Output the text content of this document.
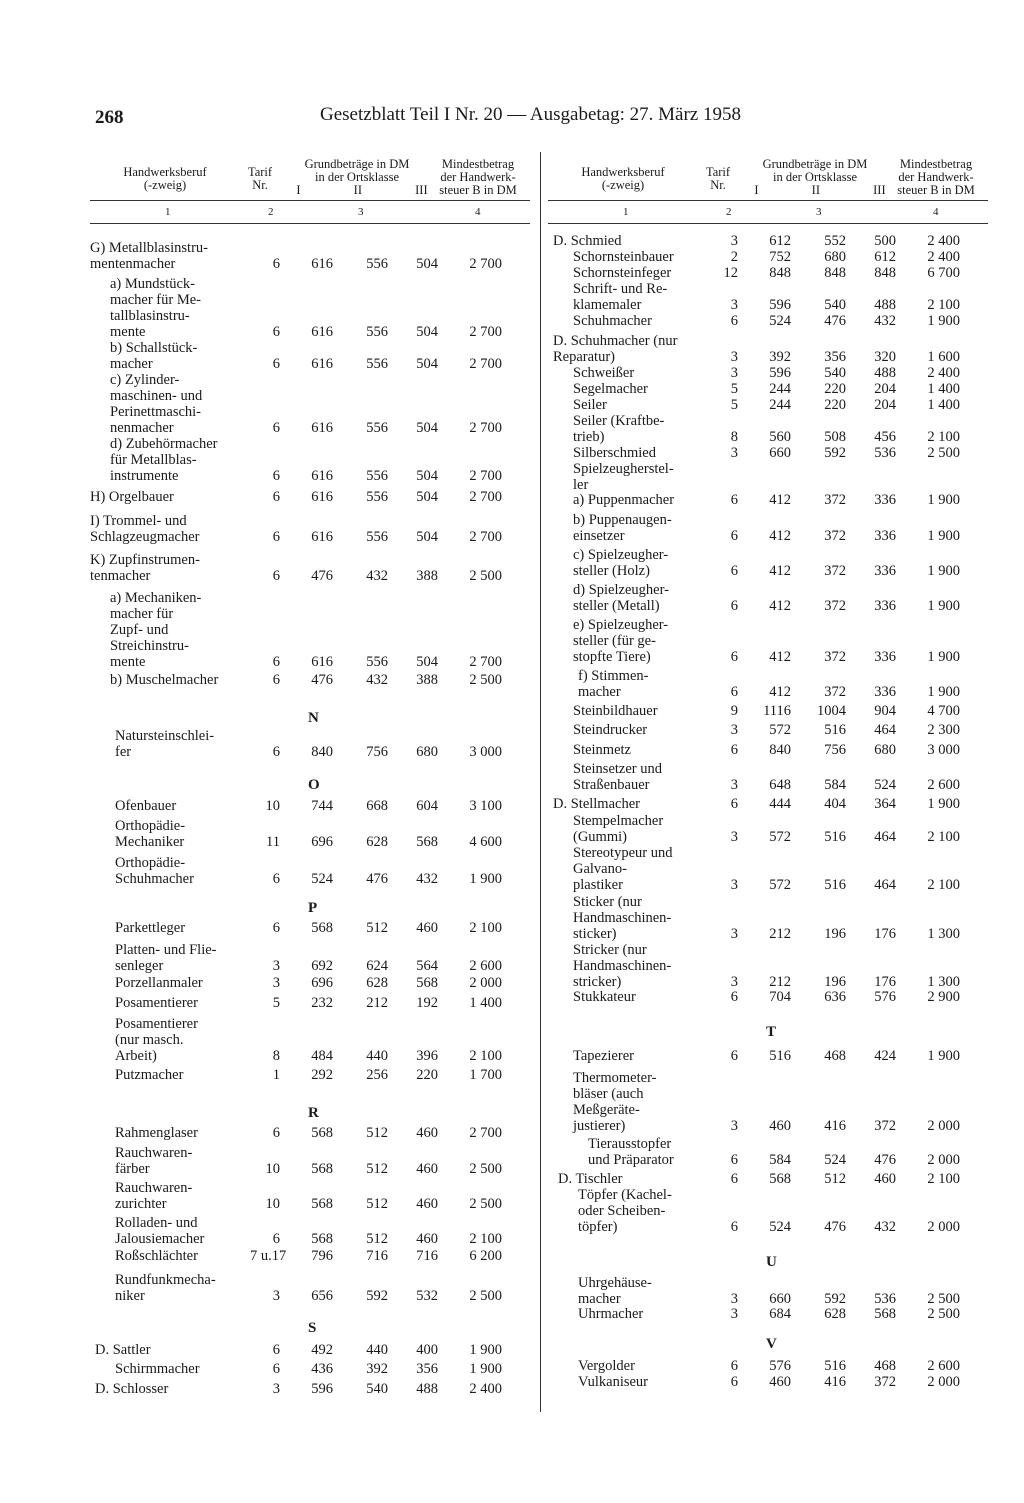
268	Gesetzblatt Teil I Nr. 20 — Ausgabetag: 27. März 1958
Handwerksberuf
(-zweig)
Tarif
Nr.
Grundbeträge in DM
in der Ortsklasse
I                 II                 III
Mindestbetrag
der Handwerk-
steuer B in DM
1	2	3	4
G) Metallblasinstru-
mentenmacher	6	616	556	504	2 700
a) Mundstück-
macher für Me-
tallblasinstru-
mente	6	616	556	504	2 700
b) Schallstück-
macher	6	616	556	504	2 700
c) Zylinder-
maschinen- und
Perinettmaschi-
nenmacher	6	616	556	504	2 700
d) Zubehörmacher
für Metallblas-
instrumente	6	616	556	504	2 700
H) Orgelbauer	6	616	556	504	2 700
I) Trommel- und
Schlagzeugmacher	6	616	556	504	2 700
K) Zupfinstrumen-
tenmacher	6	476	432	388	2 500
a) Mechaniken-
macher für
Zupf- und
Streichinstru-
mente	6	616	556	504	2 700
b) Muschelmacher	6	476	432	388	2 500
Natursteinschlei-
fer	6	840	756	680	3 000
Ofenbauer	10	744	668	604	3 100
Orthopädie-
Mechaniker	11	696	628	568	4 600
Orthopädie-
Schuhmacher	6	524	476	432	1 900
Parkettleger	6	568	512	460	2 100
Platten- und Flie-
senleger	3	692	624	564	2 600
Porzellanmaler	3	696	628	568	2 000
Posamentierer	5	232	212	192	1 400
Posamentierer
(nur masch.
Arbeit)	8	484	440	396	2 100
Putzmacher	1	292	256	220	1 700
Rahmenglaser	6	568	512	460	2 700
Rauchwaren-
färber	10	568	512	460	2 500
Rauchwaren-
zurichter	10	568	512	460	2 500
Rolladen- und
Jalousiemacher	6	568	512	460	2 100
Roßschlächter	7 u.17	796	716	716	6 200
Rundfunkmecha-
niker	3	656	592	532	2 500
D. Sattler	6	492	440	400	1 900
Schirmmacher	6	436	392	356	1 900
D. Schlosser	3	596	540	488	2 400
N
O
P
R
S
Handwerksberuf
(-zweig)
Tarif
Nr.
Grundbeträge in DM
in der Ortsklasse
I                 II                 III
Mindestbetrag
der Handwerk-
steuer B in DM
1	2	3	4
D. Schmied	3	612	552	500	2 400
Schornsteinbauer	2	752	680	612	2 400
Schornsteinfeger	12	848	848	848	6 700
Schrift- und Re-
klamemaler	3	596	540	488	2 100
Schuhmacher	6	524	476	432	1 900
D. Schuhmacher (nur
Reparatur)	3	392	356	320	1 600
Schweißer	3	596	540	488	2 400
Segelmacher	5	244	220	204	1 400
Seiler	5	244	220	204	1 400
Seiler (Kraftbe-
trieb)	8	560	508	456	2 100
Silberschmied	3	660	592	536	2 500
Spielzeugherstel-
ler
a) Puppenmacher	6	412	372	336	1 900
b) Puppenaugen-
einsetzer	6	412	372	336	1 900
c) Spielzeugher-
steller (Holz)	6	412	372	336	1 900
d) Spielzeugher-
steller (Metall)	6	412	372	336	1 900
e) Spielzeugher-
steller (für ge-
stopfte Tiere)	6	412	372	336	1 900
f) Stimmen-
macher	6	412	372	336	1 900
Steinbildhauer	9	1116	1004	904	4 700
Steindrucker	3	572	516	464	2 300
Steinmetz	6	840	756	680	3 000
Steinsetzer und
Straßenbauer	3	648	584	524	2 600
D. Stellmacher	6	444	404	364	1 900
Stempelmacher
(Gummi)	3	572	516	464	2 100
Stereotypeur und
Galvano-
plastiker	3	572	516	464	2 100
Sticker (nur
Handmaschinen-
sticker)	3	212	196	176	1 300
Stricker (nur
Handmaschinen-
stricker)	3	212	196	176	1 300
Stukkateur	6	704	636	576	2 900
Tapezierer	6	516	468	424	1 900
Thermometer-
bläser (auch
Meßgeräte-
justierer)	3	460	416	372	2 000
Tierausstopfer
und Präparator	6	584	524	476	2 000
D. Tischler	6	568	512	460	2 100
Töpfer (Kachel-
oder Scheiben-
töpfer)	6	524	476	432	2 000
Uhrgehäuse-
macher	3	660	592	536	2 500
Uhrmacher	3	684	628	568	2 500
Vergolder	6	576	516	468	2 600
Vulkaniseur	6	460	416	372	2 000
T
U
V
